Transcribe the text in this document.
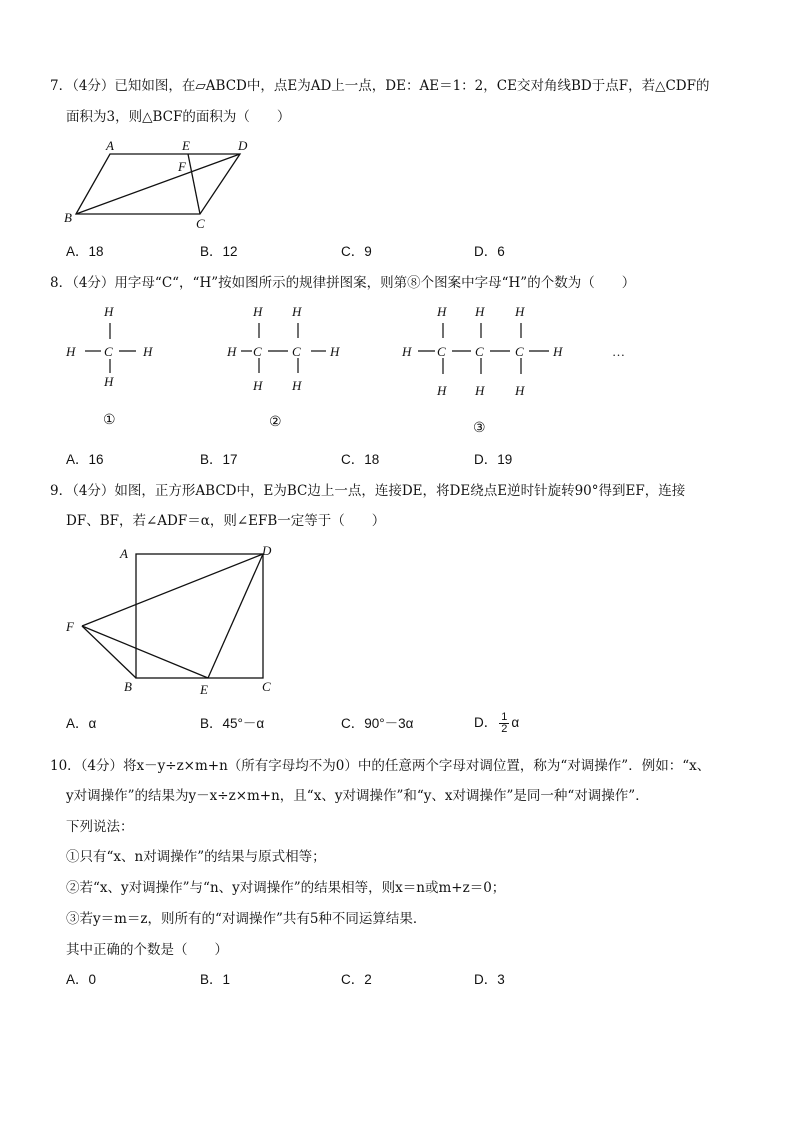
7．（4分）已知如图，在▱ABCD中，点E为AD上一点，DE：AE＝1：2，CE交对角线BD于点F，若△CDF的
面积为3，则△BCF的面积为（　　）
A	E	D
F
B	C
A．18	B．12	C．9	D．6
8．（4分）用字母“C“，“H”按如图所示的规律拼图案，则第⑧个图案中字母“H”的个数为（　　）
H
H C H
H
H H
H C C H
H H
H H H
H C C C H
H H H
…
①	②	③
A．16	B．17	C．18	D．19
9．（4分）如图，正方形ABCD中，E为BC边上一点，连接DE，将DE绕点E逆时针旋转90°得到EF，连接
DF、BF，若∠ADF＝α，则∠EFB一定等于（　　）
A	D
F
B	E	C
A．α	B．45°－α	C．90°－3α	D． $\frac{1}{2}$ α
10．（4分）将x－y÷z×m+n（所有字母均不为0）中的任意两个字母对调位置，称为“对调操作”．例如：“x、
y对调操作”的结果为y－x÷z×m+n，且“x、y对调操作”和“y、x对调操作”是同一种“对调操作”．
下列说法：
①只有“x、n对调操作”的结果与原式相等；
②若“x、y对调操作”与“n、y对调操作”的结果相等，则x＝n或m+z＝0；
③若y＝m＝z，则所有的“对调操作”共有5种不同运算结果．
其中正确的个数是（　　）
A．0	B．1	C．2	D．3
